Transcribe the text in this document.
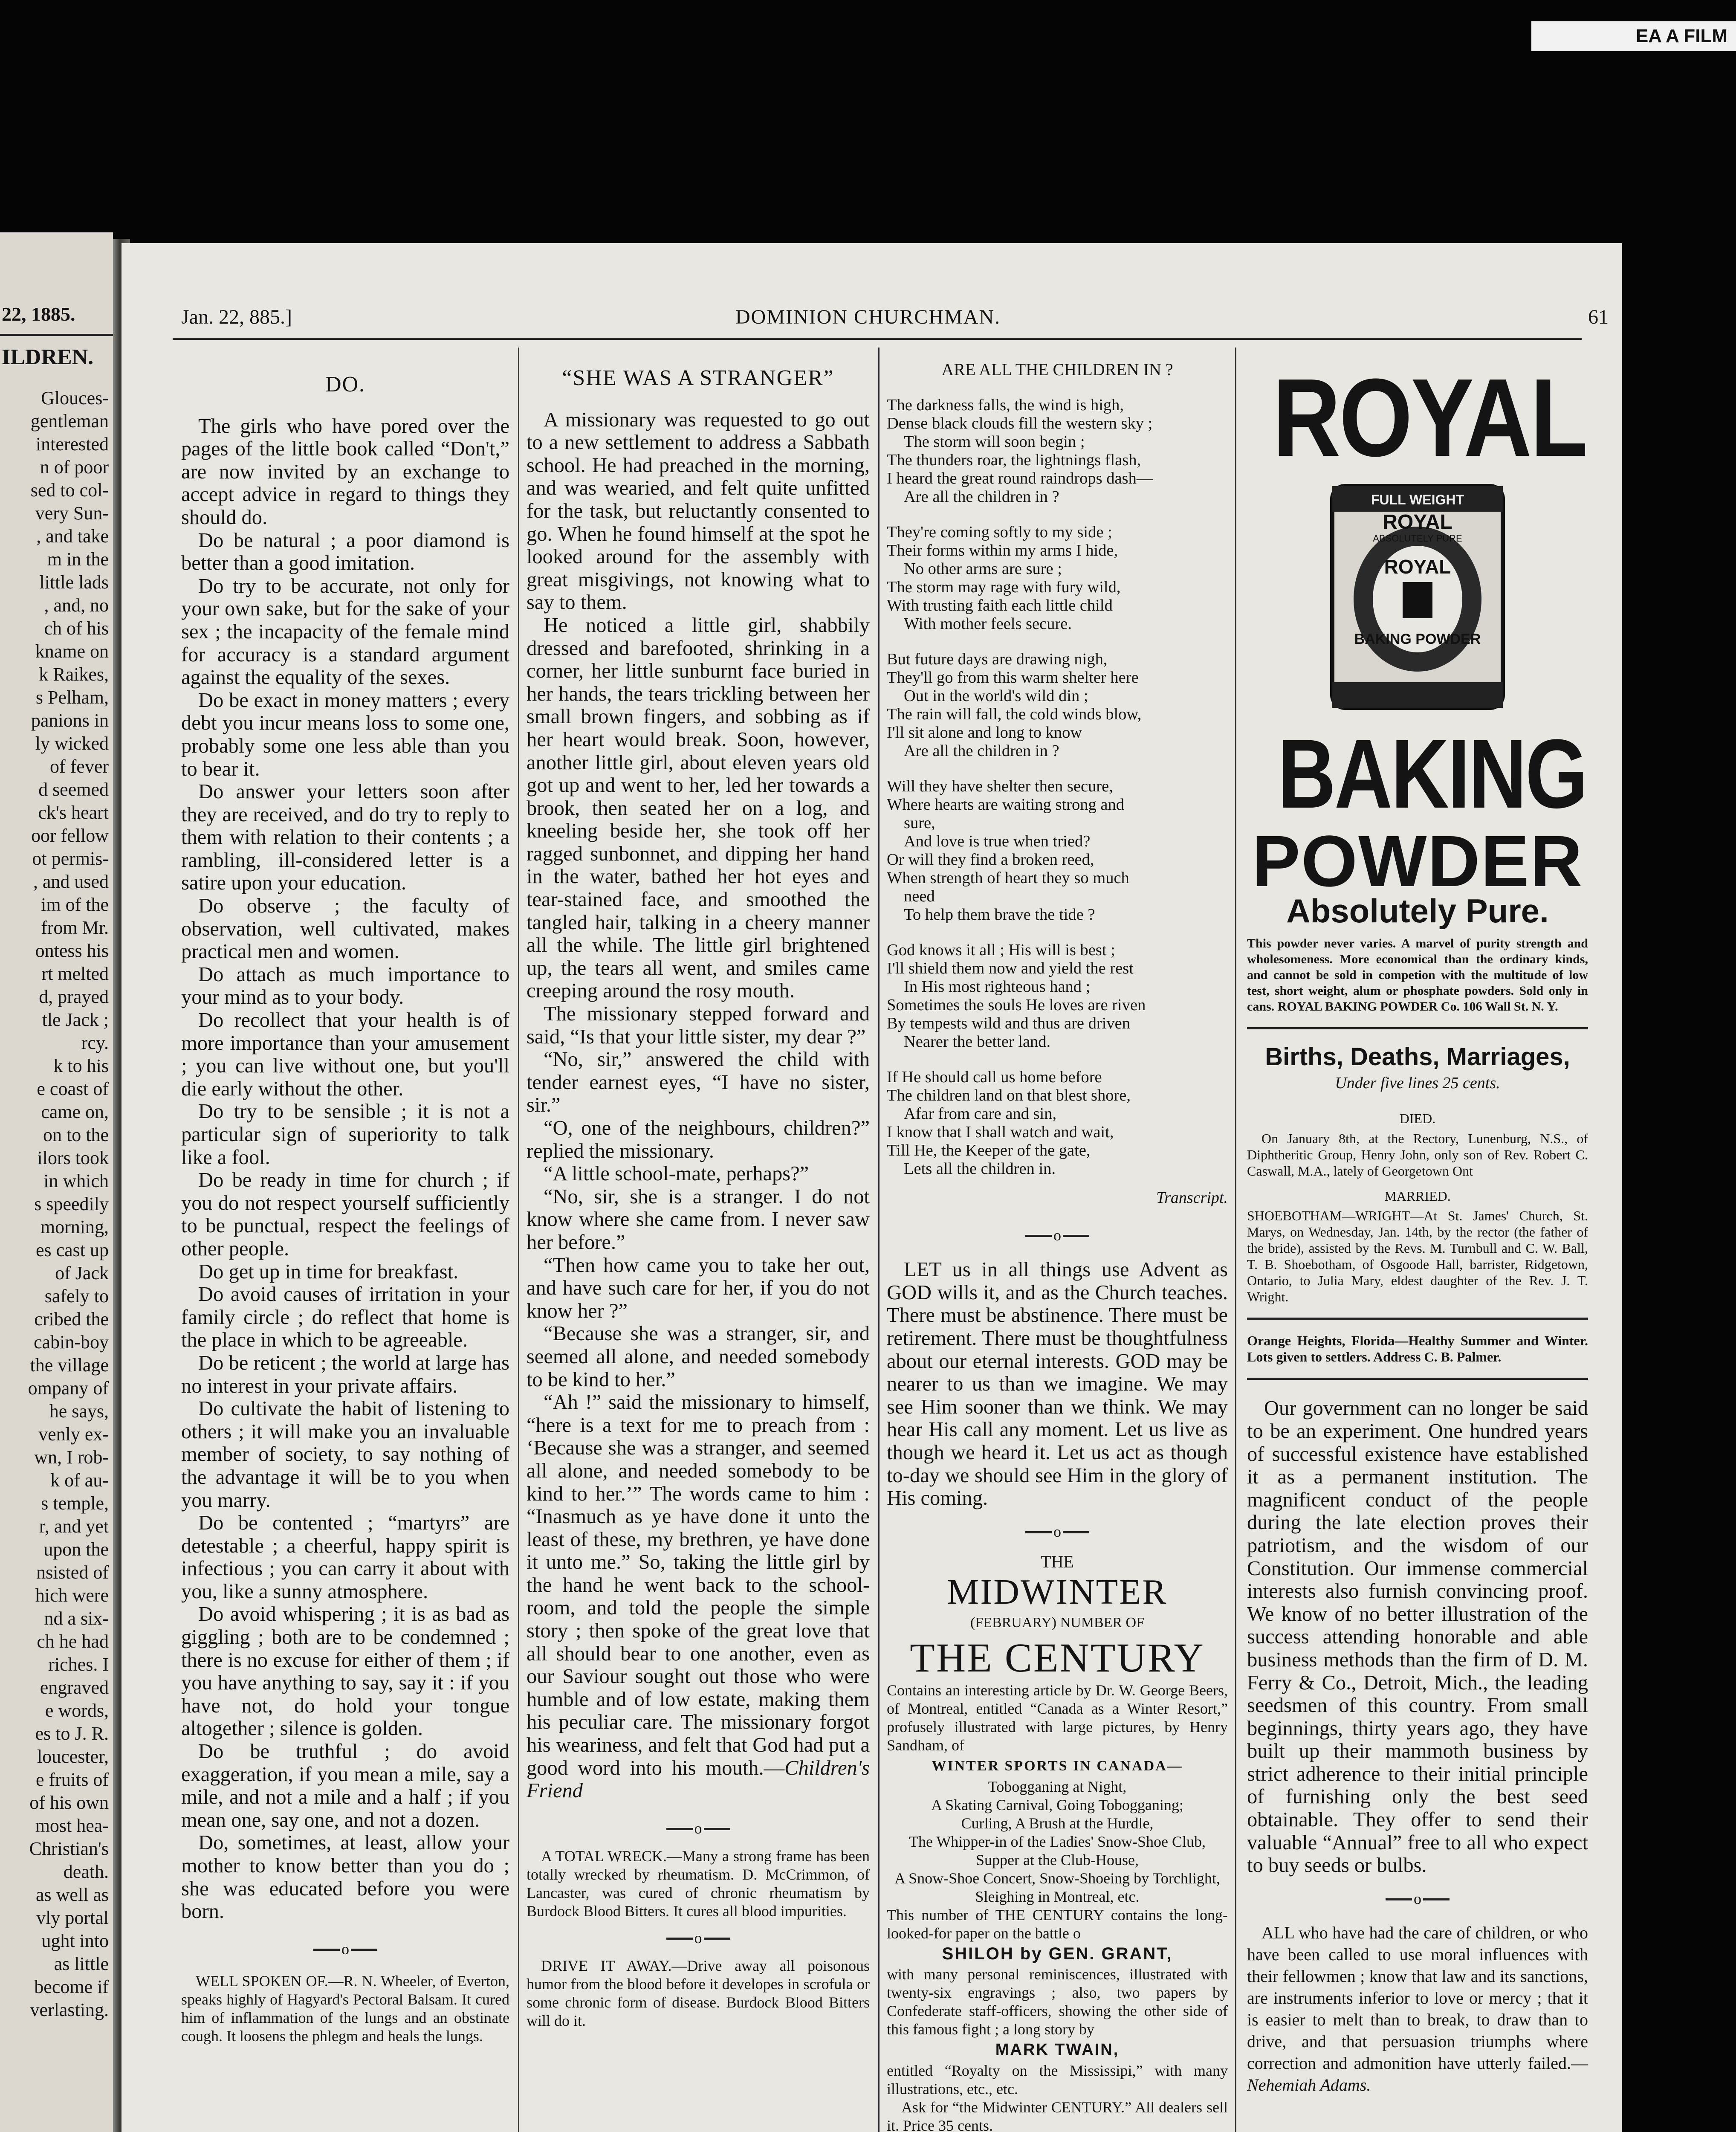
EA A FILM
22, 1885.
ILDREN.
Glouces-
gentleman
interested
n of poor
sed to col-
very Sun-
, and take
m in the
little lads
, and, no
ch of his
kname on
k Raikes,
s Pelham,
panions in
ly wicked
of fever
d seemed
ck's heart
oor fellow
ot permis-
, and used
im of the
from Mr.
ontess his
rt melted
d, prayed
tle Jack ;
rcy.
k to his
e coast of
came on,
on to the
ilors took
in which
s speedily
morning,
es cast up
of Jack
safely to
cribed the
cabin-boy
the village
ompany of
he says,
venly ex-
wn, I rob-
k of au-
s temple,
r, and yet
upon the
nsisted of
hich were
nd a six-
ch he had
riches. I
engraved
e words,
es to J. R.
loucester,
e fruits of
of his own
most hea-
Christian's
death.
as well as
vly portal
ught into
as little
become if
verlasting.
Jan. 22, 885.]	DOMINION CHURCHMAN.	61

DO.

The girls who have pored over the pages of the little book called “Don't,” are now invited by an exchange to accept advice in regard to things they should do.

Do be natural ; a poor diamond is better than a good imitation.

Do try to be accurate, not only for your own sake, but for the sake of your sex ; the incapacity of the female mind for accuracy is a standard argument against the equality of the sexes.

Do be exact in money matters ; every debt you incur means loss to some one, probably some one less able than you to bear it.

Do answer your letters soon after they are received, and do try to reply to them with relation to their contents ; a rambling, ill-considered letter is a satire upon your education.

Do observe ; the faculty of observation, well cultivated, makes practical men and women.

Do attach as much importance to your mind as to your body.

Do recollect that your health is of more importance than your amusement ; you can live without one, but you'll die early without the other.

Do try to be sensible ; it is not a particular sign of superiority to talk like a fool.

Do be ready in time for church ; if you do not respect yourself sufficiently to be punctual, respect the feelings of other people.

Do get up in time for breakfast.

Do avoid causes of irritation in your family circle ; do reflect that home is the place in which to be agreeable.

Do be reticent ; the world at large has no interest in your private affairs.

Do cultivate the habit of listening to others ; it will make you an invaluable member of society, to say nothing of the advantage it will be to you when you marry.

Do be contented ; “martyrs” are detestable ; a cheerful, happy spirit is infectious ; you can carry it about with you, like a sunny atmosphere.

Do avoid whispering ; it is as bad as giggling ; both are to be condemned ; there is no excuse for either of them ; if you have anything to say, say it : if you have not, do hold your tongue altogether ; silence is golden.

Do be truthful ; do avoid exaggeration, if you mean a mile, say a mile, and not a mile and a half ; if you mean one, say one, and not a dozen.

Do, sometimes, at least, allow your mother to know better than you do ; she was educated before you were born.

o

WELL SPOKEN OF.—R. N. Wheeler, of Everton, speaks highly of Hagyard's Pectoral Balsam. It cured him of inflammation of the lungs and an obstinate cough. It loosens the phlegm and heals the lungs.

“SHE WAS A STRANGER”

A missionary was requested to go out to a new settlement to address a Sabbath school. He had preached in the morning, and was wearied, and felt quite unfitted for the task, but reluctantly consented to go. When he found himself at the spot he looked around for the assembly with great misgivings, not knowing what to say to them.

He noticed a little girl, shabbily dressed and barefooted, shrinking in a corner, her little sunburnt face buried in her hands, the tears trickling between her small brown fingers, and sobbing as if her heart would break. Soon, however, another little girl, about eleven years old got up and went to her, led her towards a brook, then seated her on a log, and kneeling beside her, she took off her ragged sunbonnet, and dipping her hand in the water, bathed her hot eyes and tear-stained face, and smoothed the tangled hair, talking in a cheery manner all the while. The little girl brightened up, the tears all went, and smiles came creeping around the rosy mouth.

The missionary stepped forward and said, “Is that your little sister, my dear ?”

“No, sir,” answered the child with tender earnest eyes, “I have no sister, sir.”

“O, one of the neighbours, children?” replied the missionary.

“A little school-mate, perhaps?”

“No, sir, she is a stranger. I do not know where she came from. I never saw her before.”

“Then how came you to take her out, and have such care for her, if you do not know her ?”

“Because she was a stranger, sir, and seemed all alone, and needed somebody to be kind to her.”

“Ah !” said the missionary to himself, “here is a text for me to preach from : ‘Because she was a stranger, and seemed all alone, and needed somebody to be kind to her.’” The words came to him : “Inasmuch as ye have done it unto the least of these, my brethren, ye have done it unto me.” So, taking the little girl by the hand he went back to the school-room, and told the people the simple story ; then spoke of the great love that all should bear to one another, even as our Saviour sought out those who were humble and of low estate, making them his peculiar care. The missionary forgot his weariness, and felt that God had put a good word into his mouth.—Children's Friend

o

A TOTAL WRECK.—Many a strong frame has been totally wrecked by rheumatism. D. McCrimmon, of Lancaster, was cured of chronic rheumatism by Burdock Blood Bitters. It cures all blood impurities.

o

DRIVE IT AWAY.—Drive away all poisonous humor from the blood before it developes in scrofula or some chronic form of disease. Burdock Blood Bitters will do it.

ARE ALL THE CHILDREN IN ?
The darkness falls, the wind is high,
Dense black clouds fill the western sky ;
The storm will soon begin ;
The thunders roar, the lightnings flash,
I heard the great round raindrops dash—
Are all the children in ?
They're coming softly to my side ;
Their forms within my arms I hide,
No other arms are sure ;
The storm may rage with fury wild,
With trusting faith each little child
With mother feels secure.
But future days are drawing nigh,
They'll go from this warm shelter here
Out in the world's wild din ;
The rain will fall, the cold winds blow,
I'll sit alone and long to know
Are all the children in ?
Will they have shelter then secure,
Where hearts are waiting strong and
sure,
And love is true when tried?
Or will they find a broken reed,
When strength of heart they so much
need
To help them brave the tide ?
God knows it all ; His will is best ;
I'll shield them now and yield the rest
In His most righteous hand ;
Sometimes the souls He loves are riven
By tempests wild and thus are driven
Nearer the better land.
If He should call us home before
The children land on that blest shore,
Afar from care and sin,
I know that I shall watch and wait,
Till He, the Keeper of the gate,
Lets all the children in.
Transcript.
o

LET us in all things use Advent as GOD wills it, and as the Church teaches. There must be abstinence. There must be retirement. There must be thoughtfulness about our eternal interests. GOD may be nearer to us than we imagine. We may see Him sooner than we think. We may hear His call any moment. Let us live as though we heard it. Let us act as though to-day we should see Him in the glory of His coming.

o
THE
MIDWINTER
(FEBRUARY) NUMBER OF
THE CENTURY
Contains an interesting article by Dr. W. George Beers, of Montreal, entitled “Canada as a Winter Resort,” profusely illustrated with large pictures, by Henry Sandham, of
WINTER SPORTS IN CANADA—
Tobogganing at Night,
A Skating Carnival, Going Tobogganing;
Curling, A Brush at the Hurdle,
The Whipper-in of the Ladies' Snow-Shoe Club, Supper at the Club-House,
A Snow-Shoe Concert, Snow-Shoeing by Torchlight, Sleighing in Montreal, etc.
This number of THE CENTURY contains the long-looked-for paper on the battle o
SHILOH by GEN. GRANT,
with many personal reminiscences, illustrated with twenty-six engravings ; also, two papers by Confederate staff-officers, showing the other side of this famous fight ; a long story by
MARK TWAIN,
entitled “Royalty on the Mississipi,” with many illustrations, etc., etc.
Ask for “the Midwinter CENTURY.” All dealers sell it. Price 35 cents.
ROYAL
FULL WEIGHT
ROYAL
ABSOLUTELY PURE
ROYAL
BAKING POWDER
BAKING
POWDER
Absolutely Pure.
This powder never varies. A marvel of purity strength and wholesomeness. More economical than the ordinary kinds, and cannot be sold in competion with the multitude of low test, short weight, alum or phosphate powders. Sold only in cans. ROYAL BAKING POWDER Co. 106 Wall St. N. Y.
Births, Deaths, Marriages,
Under five lines 25 cents.
DIED.
On January 8th, at the Rectory, Lunenburg, N.S., of Diphtheritic Group, Henry John, only son of Rev. Robert C. Caswall, M.A., lately of Georgetown Ont
MARRIED.
SHOEBOTHAM—WRIGHT—At St. James' Church, St. Marys, on Wednesday, Jan. 14th, by the rector (the father of the bride), assisted by the Revs. M. Turnbull and C. W. Ball, T. B. Shoebotham, of Osgoode Hall, barrister, Ridgetown, Ontario, to Julia Mary, eldest daughter of the Rev. J. T. Wright.
Orange Heights, Florida—Healthy Summer and Winter. Lots given to settlers. Address C. B. Palmer.
Our government can no longer be said to be an experiment. One hundred years of successful existence have established it as a permanent institution. The magnificent conduct of the people during the late election proves their patriotism, and the wisdom of our Constitution. Our immense commercial interests also furnish convincing proof. We know of no better illustration of the success attending honorable and able business methods than the firm of D. M. Ferry & Co., Detroit, Mich., the leading seedsmen of this country. From small beginnings, thirty years ago, they have built up their mammoth business by strict adherence to their initial principle of furnishing only the best seed obtainable. They offer to send their valuable “Annual” free to all who expect to buy seeds or bulbs.
o
ALL who have had the care of children, or who have been called to use moral influences with their fellowmen ; know that law and its sanctions, are instruments inferior to love or mercy ; that it is easier to melt than to break, to draw than to drive, and that persuasion triumphs where correction and admonition have utterly failed.—Nehemiah Adams.
